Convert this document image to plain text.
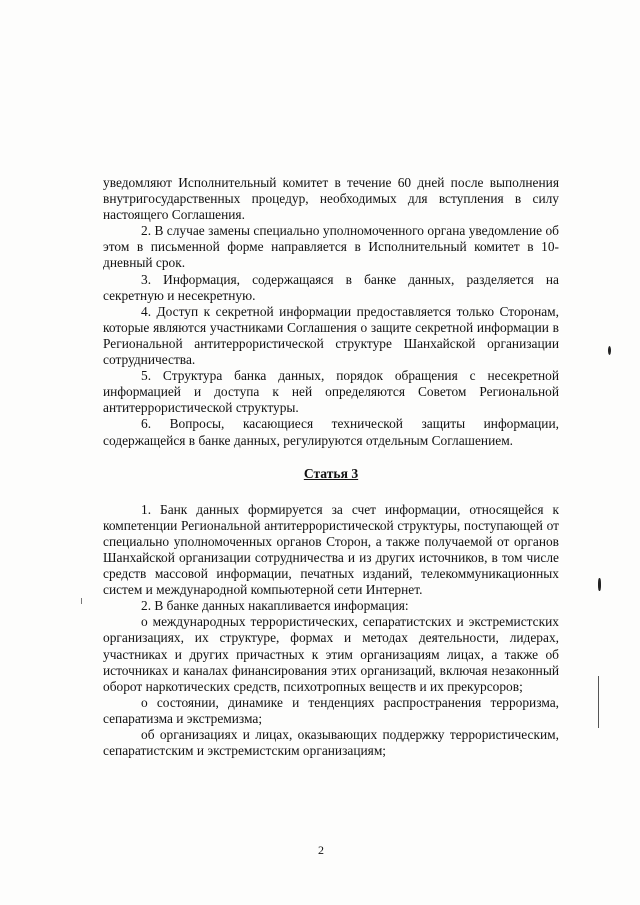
уведомляют Исполнительный комитет в течение 60 дней после выполнения внутригосударственных процедур, необходимых для вступления в силу настоящего Соглашения.

2. В случае замены специально уполномоченного органа уведомление об этом в письменной форме направляется в Исполнительный комитет в 10-дневный срок.

3. Информация, содержащаяся в банке данных, разделяется на секретную и несекретную.

4. Доступ к секретной информации предоставляется только Сторонам, которые являются участниками Соглашения о защите секретной информации в Региональной антитеррористической структуре Шанхайской организации сотрудничества.

5. Структура банка данных, порядок обращения с несекретной информацией и доступа к ней определяются Советом Региональной антитеррористической структуры.

6. Вопросы, касающиеся технической защиты информации, содержащейся в банке данных, регулируются отдельным Соглашением.

Статья 3

1. Банк данных формируется за счет информации, относящейся к компетенции Региональной антитеррористической структуры, поступающей от специально уполномоченных органов Сторон, а также получаемой от органов Шанхайской организации сотрудничества и из других источников, в том числе средств массовой информации, печатных изданий, телекоммуникационных систем и международной компьютерной сети Интернет.

2. В банке данных накапливается информация:

о международных террористических, сепаратистских и экстремистских организациях, их структуре, формах и методах деятельности, лидерах, участниках и других причастных к этим организациям лицах, а также об источниках и каналах финансирования этих организаций, включая незаконный оборот наркотических средств, психотропных веществ и их прекурсоров;

о состоянии, динамике и тенденциях распространения терроризма, сепаратизма и экстремизма;

об организациях и лицах, оказывающих поддержку террористическим, сепаратистским и экстремистским организациям;

2
